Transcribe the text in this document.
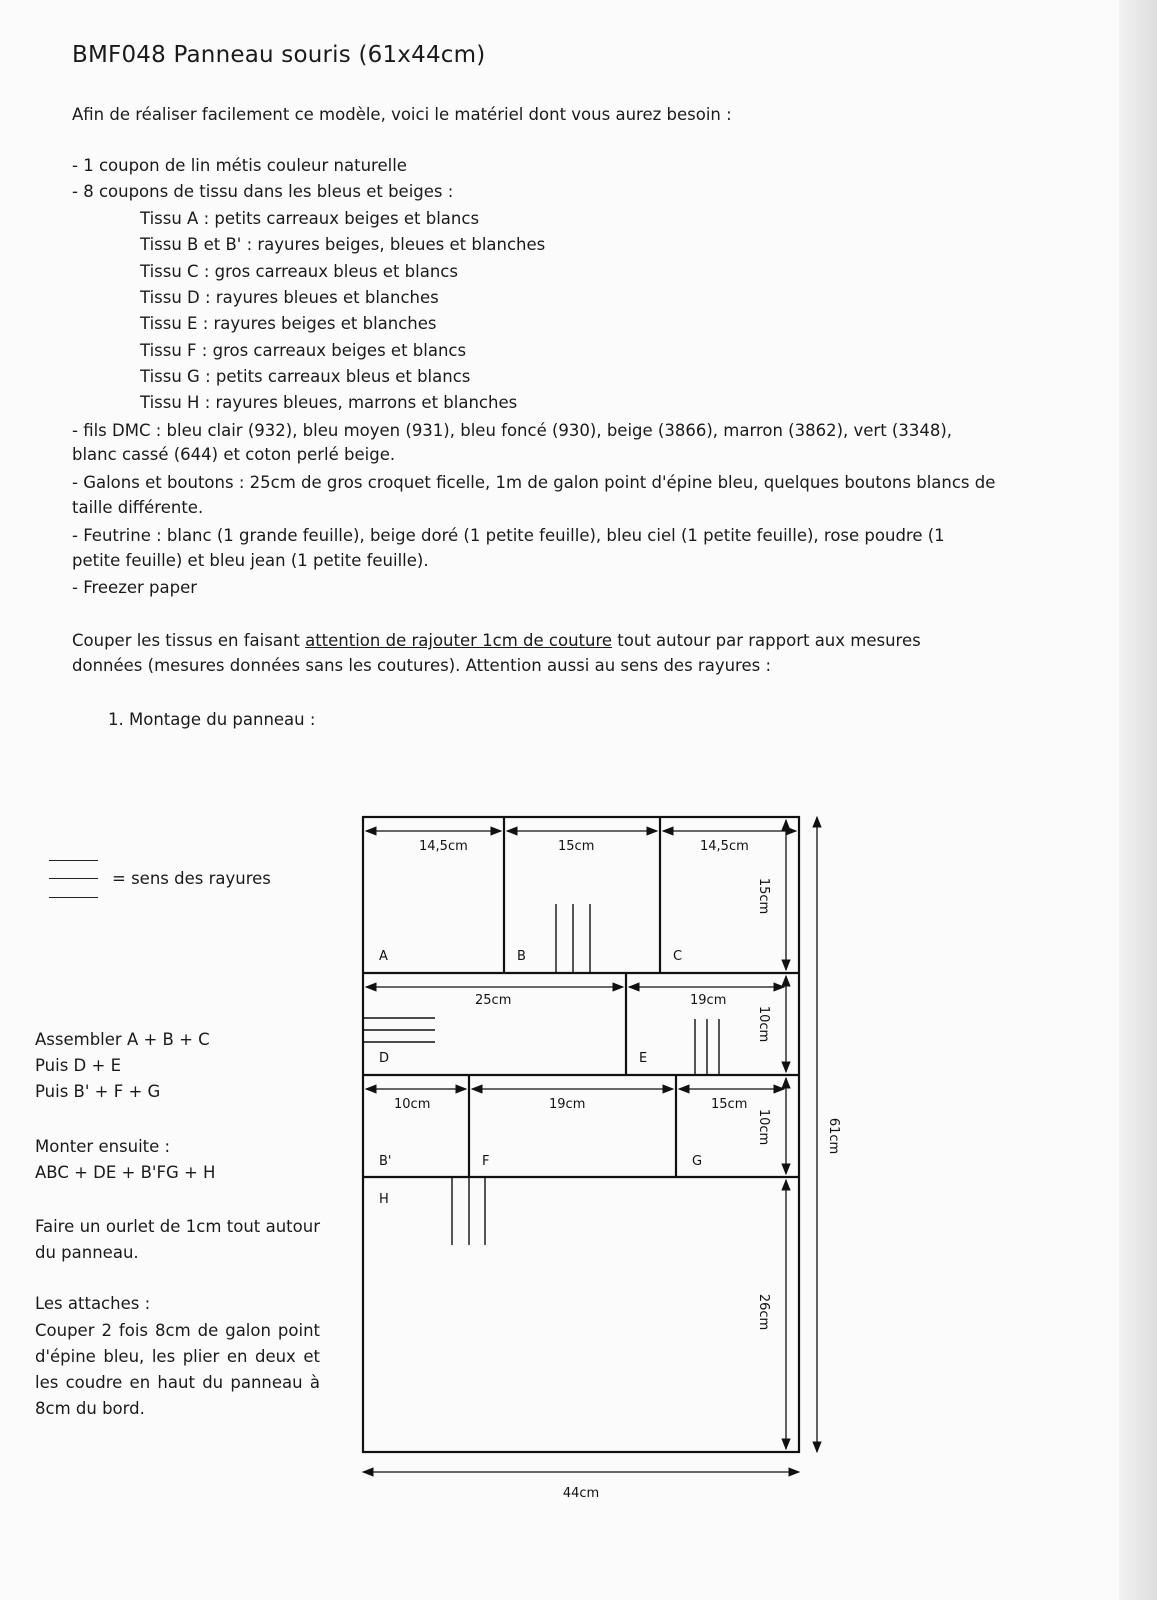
BMF048 Panneau souris (61x44cm)
Afin de réaliser facilement ce modèle, voici le matériel dont vous aurez besoin :
- 1 coupon de lin métis couleur naturelle
- 8 coupons de tissu dans les bleus et beiges :
Tissu A : petits carreaux beiges et blancs
Tissu B et B' : rayures beiges, bleues et blanches
Tissu C : gros carreaux bleus et blancs
Tissu D : rayures bleues et blanches
Tissu E : rayures beiges et blanches
Tissu F : gros carreaux beiges et blancs
Tissu G : petits carreaux bleus et blancs
Tissu H : rayures bleues, marrons et blanches
- fils DMC : bleu clair (932), bleu moyen (931), bleu foncé (930), beige (3866), marron (3862), vert (3348),
blanc cassé (644) et coton perlé beige.
- Galons et boutons : 25cm de gros croquet ficelle, 1m de galon point d'épine bleu, quelques boutons blancs de
taille différente.
- Feutrine : blanc (1 grande feuille), beige doré (1 petite feuille), bleu ciel (1 petite feuille), rose poudre (1
petite feuille) et bleu jean (1 petite feuille).
- Freezer paper
Couper les tissus en faisant attention de rajouter 1cm de couture tout autour par rapport aux mesures
données (mesures données sans les coutures). Attention aussi au sens des rayures :
1. Montage du panneau :
= sens des rayures
Assembler A + B + C
Puis D + E
Puis B' + F + G
Monter ensuite :
ABC + DE + B'FG + H
Faire un ourlet de 1cm tout autour du panneau.
Les attaches :
Couper 2 fois 8cm de galon point d'épine bleu, les plier en deux et les coudre en haut du panneau à 8cm du bord.
A	B	C
D	E
B'	F	G
H
14,5cm	15cm	14,5cm
25cm	19cm
10cm	19cm	15cm
15cm
10cm
10cm
26cm
61cm
44cm
